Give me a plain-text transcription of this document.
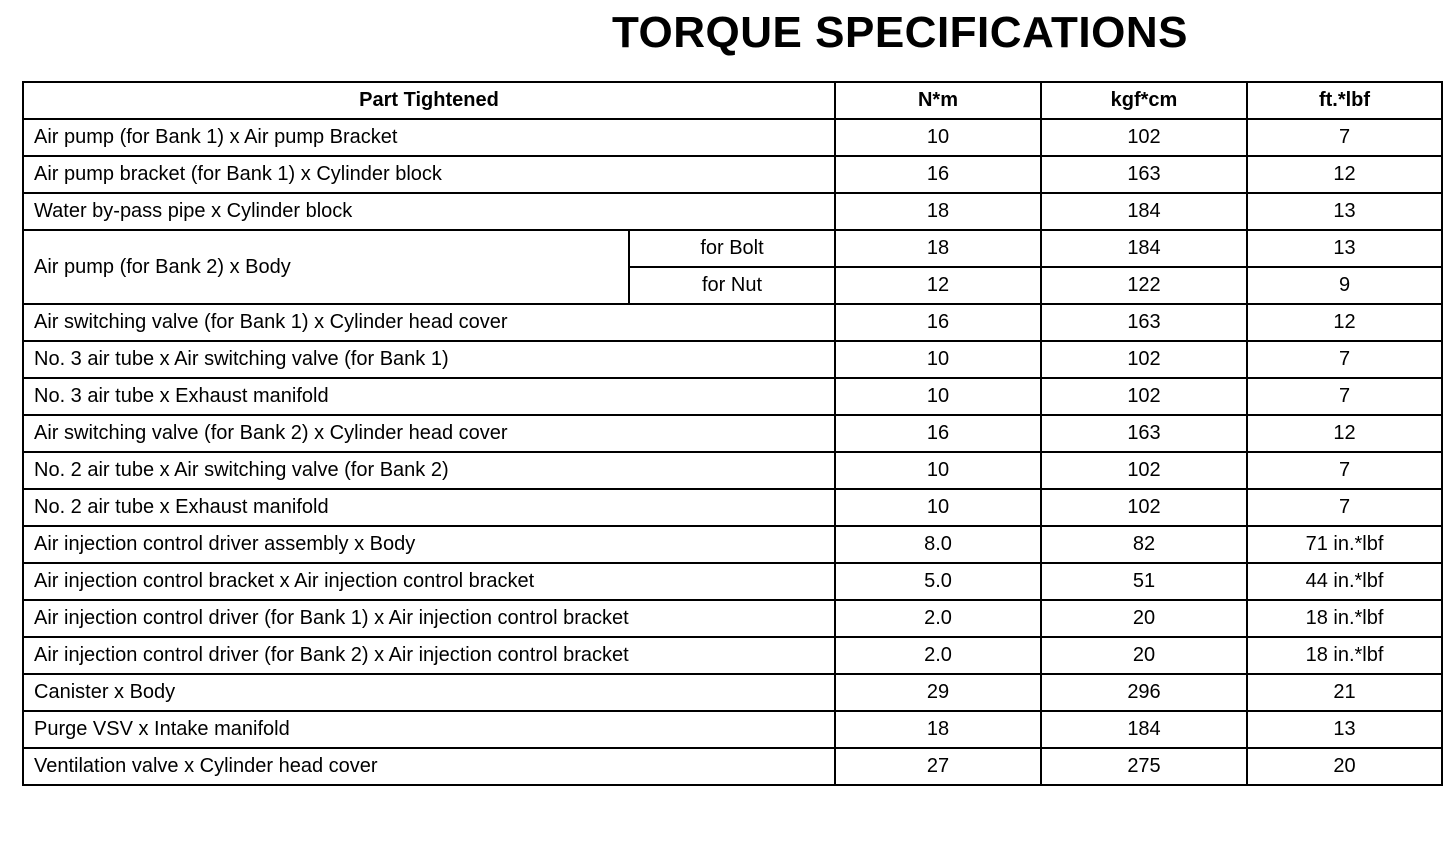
TORQUE SPECIFICATIONS
Part Tightened		N*m	kgf*cm	ft.*lbf
Air pump (for Bank 1) x Air pump Bracket		10	102	7
Air pump bracket (for Bank 1) x Cylinder block		16	163	12
Water by-pass pipe x Cylinder block		18	184	13
Air pump (for Bank 2) x Body	for Bolt	18	184	13
	for Nut	12	122	9
Air switching valve (for Bank 1) x Cylinder head cover		16	163	12
No. 3 air tube x Air switching valve (for Bank 1)		10	102	7
No. 3 air tube x Exhaust manifold		10	102	7
Air switching valve (for Bank 2) x Cylinder head cover		16	163	12
No. 2 air tube x Air switching valve (for Bank 2)		10	102	7
No. 2 air tube x Exhaust manifold		10	102	7
Air injection control driver assembly x Body		8.0	82	71 in.*lbf
Air injection control bracket x Air injection control bracket		5.0	51	44 in.*lbf
Air injection control driver (for Bank 1) x Air injection control bracket		2.0	20	18 in.*lbf
Air injection control driver (for Bank 2) x Air injection control bracket		2.0	20	18 in.*lbf
Canister x Body		29	296	21
Purge VSV x Intake manifold		18	184	13
Ventilation valve x Cylinder head cover		27	275	20
